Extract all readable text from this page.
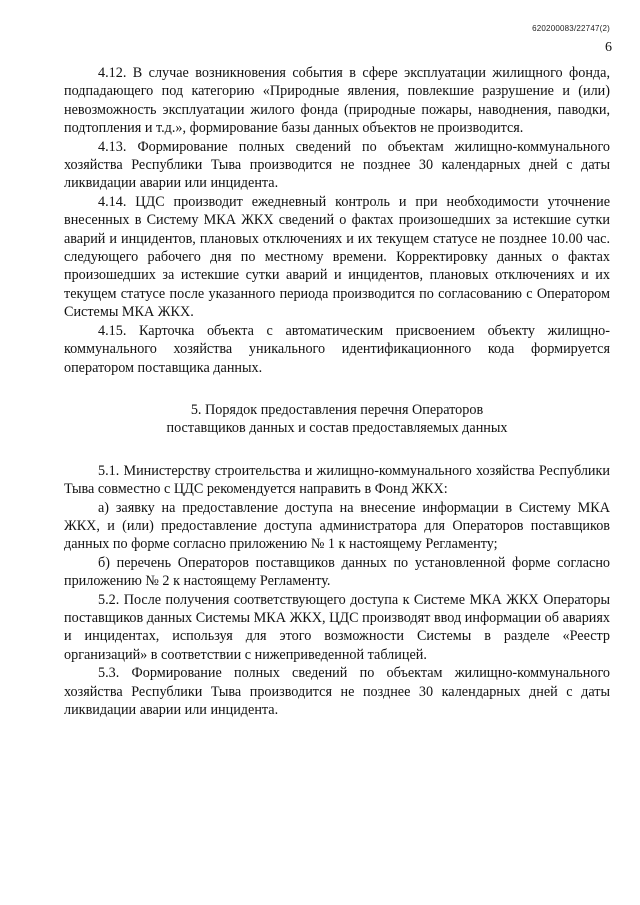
620200083/22747(2)
6

4.12. В случае возникновения события в сфере эксплуатации жилищного фонда, подпадающего под категорию «Природные явления, повлекшие разрушение и (или) невозможность эксплуатации жилого фонда (природные пожары, наводнения, паводки, подтопления и т.д.», формирование базы данных объектов не производится.

4.13. Формирование полных сведений по объектам жилищно-коммунального хозяйства Республики Тыва производится не позднее 30 календарных дней с даты ликвидации аварии или инцидента.

4.14. ЦДС производит ежедневный контроль и при необходимости уточнение внесенных в Систему МКА ЖКХ сведений о фактах произошедших за истекшие сутки аварий и инцидентов, плановых отключениях и их текущем статусе не позднее 10.00 час. следующего рабочего дня по местному времени. Корректировку данных о фактах произошедших за истекшие сутки аварий и инцидентов, плановых отключениях и их текущем статусе после указанного периода производится по согласованию с Оператором Системы МКА ЖКХ.

4.15. Карточка объекта с автоматическим присвоением объекту жилищно-коммунального хозяйства уникального идентификационного кода формируется оператором поставщика данных.

5. Порядок предоставления перечня Операторов
поставщиков данных и состав предоставляемых данных

5.1. Министерству строительства и жилищно-коммунального хозяйства Республики Тыва совместно с ЦДС рекомендуется направить в Фонд ЖКХ:

а) заявку на предоставление доступа на внесение информации в Систему МКА ЖКХ, и (или) предоставление доступа администратора для Операторов поставщиков данных по форме согласно приложению № 1 к настоящему Регламенту;

б) перечень Операторов поставщиков данных по установленной форме согласно приложению № 2 к настоящему Регламенту.

5.2. После получения соответствующего доступа к Системе МКА ЖКХ Операторы поставщиков данных Системы МКА ЖКХ, ЦДС производят ввод информации об авариях и инцидентах, используя для этого возможности Системы в разделе «Реестр организаций» в соответствии с нижеприведенной таблицей.

5.3. Формирование полных сведений по объектам жилищно-коммунального хозяйства Республики Тыва производится не позднее 30 календарных дней с даты ликвидации аварии или инцидента.
